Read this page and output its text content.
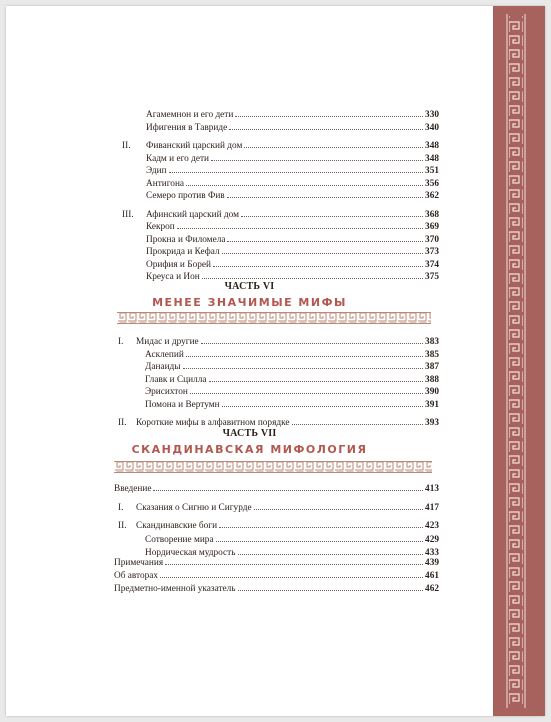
Агамемнон и его дети	330
Ифигения в Тавриде	340
II. Фиванский царский дом	348
Кадм и его дети	348
Эдип	351
Антигона	356
Семеро против Фив	362
III. Афинский царский дом	368
Кекроп	369
Прокна и Филомела	370
Прокрида и Кефал	373
Орифия и Борей	374
Креуса и Ион	375
I. Мидас и другие	383
Асклепий	385
Данаиды	387
Главк и Сцилла	388
Эрисихтон	390
Помона и Вертумн	391
II. Короткие мифы в алфавитном порядке	393
Введение	413
I. Сказания о Сигню и Сигурде	417
II. Скандинавские боги	423
Сотворение мира	429
Нордическая мудрость	433
Примечания	439
Об авторах	461
Предметно-именной указатель	462
ЧАСТЬ VI
МЕНЕЕ ЗНАЧИМЫЕ МИФЫ
ЧАСТЬ VII
СКАНДИНАВСКАЯ МИФОЛОГИЯ
